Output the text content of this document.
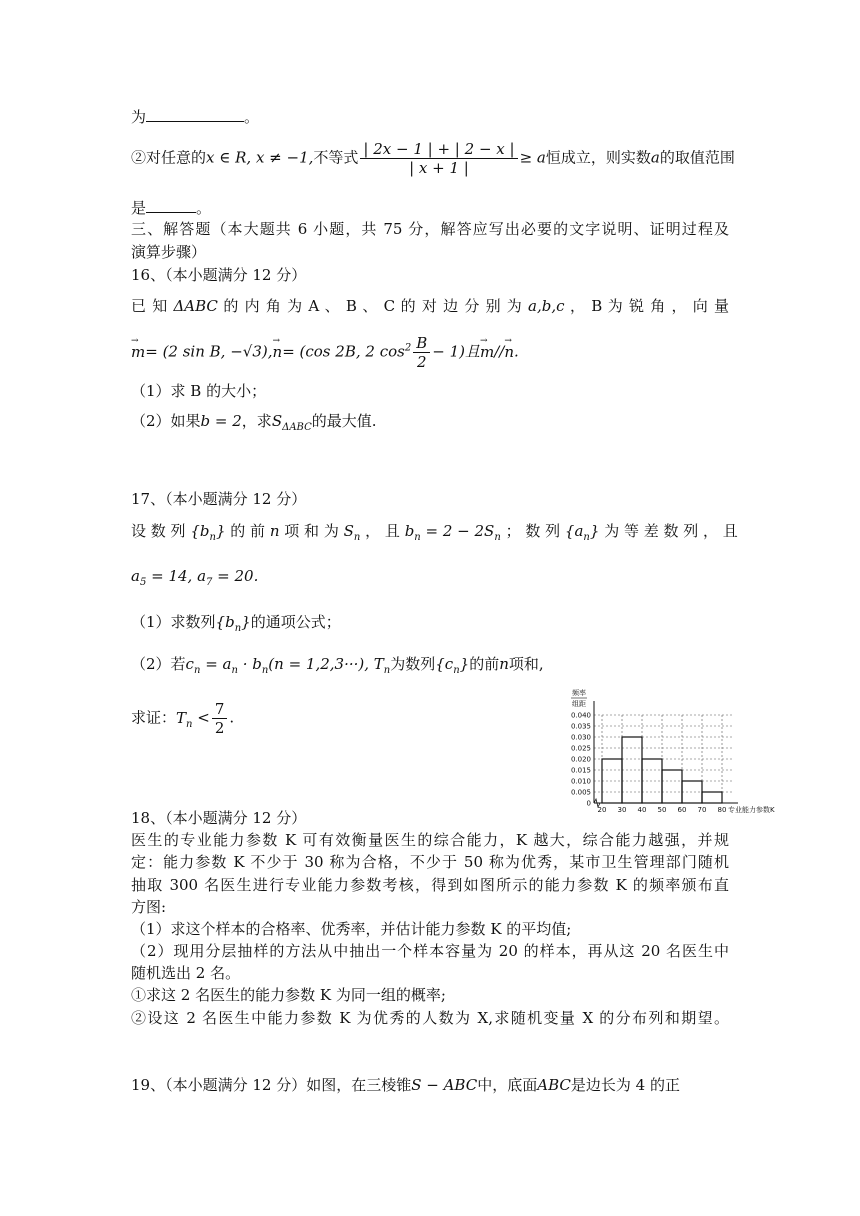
为	。
②对任意的x ∈ R, x ≠ −1,不等式 $\frac{| 2x - 1 | + | 2 - x |}{| x + 1 |} \ge a$恒成立，则实数a的取值范围
是	。
三、解答题（本大题共 6 小题，共 75 分，解答应写出必要的文字说明、证明过程及
演算步骤）
16、（本小题满分 12 分）
已 知 ΔABC 的 内 角 为 A 、 B 、 C 的 对 边 分 别 为 a,b,c ， B 为 锐 角 ， 向 量
→ m= (2 sin B, −√3),→ n= (cos 2B, 2 $\cos^2 \frac{B}{2} - 1$)且→ m//→ n.
（1）求 B 的大小；
（2）如果b = 2，求$S_{\Delta ABC}$的最大值.
17、（本小题满分 12 分）
设 数 列 $\{b_n\}$ 的 前 n 项 和 为 $S_n$ ， 且 $b_n = 2 - 2S_n$ ； 数 列 $\{a_n\}$ 为 等 差 数 列 ， 且
$a_5 = 14$, $a_7 = 20$.
（1）求数列$\{b_n\}$的通项公式；
（2）若$c_n = a_n \cdot b_n(n = 1,2,3\cdot\cdot\cdot)$, $T_n$为数列$\{c_n\}$的前n项和,
求证：$T_n < \frac{7}{2}$ .
0
0.005
0.010
0.015
0.020
0.025
0.030
0.035
0.040
20 30 40 50 60 70 80
频率
组距
专业能力参数K
18、（本小题满分 12 分）
医生的专业能力参数 K 可有效衡量医生的综合能力，K 越大，综合能力越强，并规
定：能力参数 K 不少于 30 称为合格，不少于 50 称为优秀，某市卫生管理部门随机
抽取 300 名医生进行专业能力参数考核，得到如图所示的能力参数 K 的频率颁布直
方图:
（1）求这个样本的合格率、优秀率，并估计能力参数 K 的平均值;
（2）现用分层抽样的方法从中抽出一个样本容量为 20 的样本，再从这 20 名医生中
随机选出 2 名。
①求这 2 名医生的能力参数 K 为同一组的概率;
②设这 2 名医生中能力参数 K 为优秀的人数为 X,求随机变量 X 的分布列和期望。
19、（本小题满分 12 分）如图，在三棱锥S − ABC中，底面ABC是边长为 4 的正
